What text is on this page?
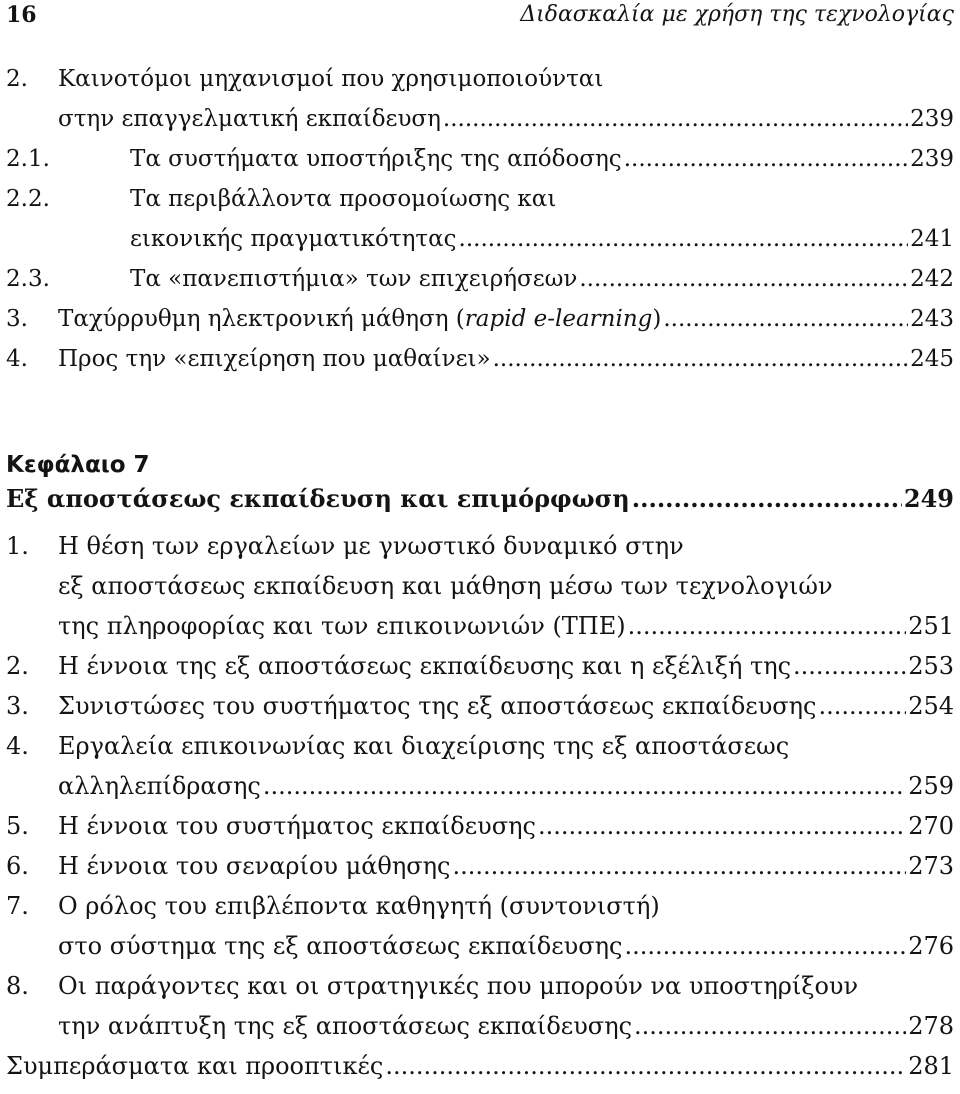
16	Διδασκαλία με χρήση της τεχνολογίας
2. Καινοτόμοι μηχανισμοί που χρησιμοποιούνται
στην επαγγελματική εκπαίδευση .....	239
2.1.	Τα συστήματα υποστήριξης της απόδοσης .....	239
2.2.	Τα περιβάλλοντα προσομοίωσης και
εικονικής πραγματικότητας .....	241
2.3.	Τα «πανεπιστήμια» των επιχειρήσεων .....	242
3. Ταχύρρυθμη ηλεκτρονική μάθηση ( rapid e-learning ) .....	243
4. Προς την «επιχείρηση που μαθαίνει» .....	245
Εξ αποστάσεως εκπαίδευση και επιμόρφωση .....	249
1. Η θέση των εργαλείων με γνωστικό δυναμικό στην
εξ αποστάσεως εκπαίδευση και μάθηση μέσω των τεχνολογιών
της πληροφορίας και των επικοινωνιών (ΤΠΕ) .....	251
2. Η έννοια της εξ αποστάσεως εκπαίδευσης και η εξέλιξή της .....	253
3. Συνιστώσες του συστήματος της εξ αποστάσεως εκπαίδευσης .....	254
4. Εργαλεία επικοινωνίας και διαχείρισης της εξ αποστάσεως
αλληλεπίδρασης .....	259
5. Η έννοια του συστήματος εκπαίδευσης .....	270
6. Η έννοια του σεναρίου μάθησης .....	273
7. Ο ρόλος του επιβλέποντα καθηγητή (συντονιστή)
στο σύστημα της εξ αποστάσεως εκπαίδευσης .....	276
8. Οι παράγοντες και οι στρατηγικές που μπορούν να υποστηρίξουν
την ανάπτυξη της εξ αποστάσεως εκπαίδευσης .....	278
Συμπεράσματα και προοπτικές .....	281
Κεφάλαιο 7
